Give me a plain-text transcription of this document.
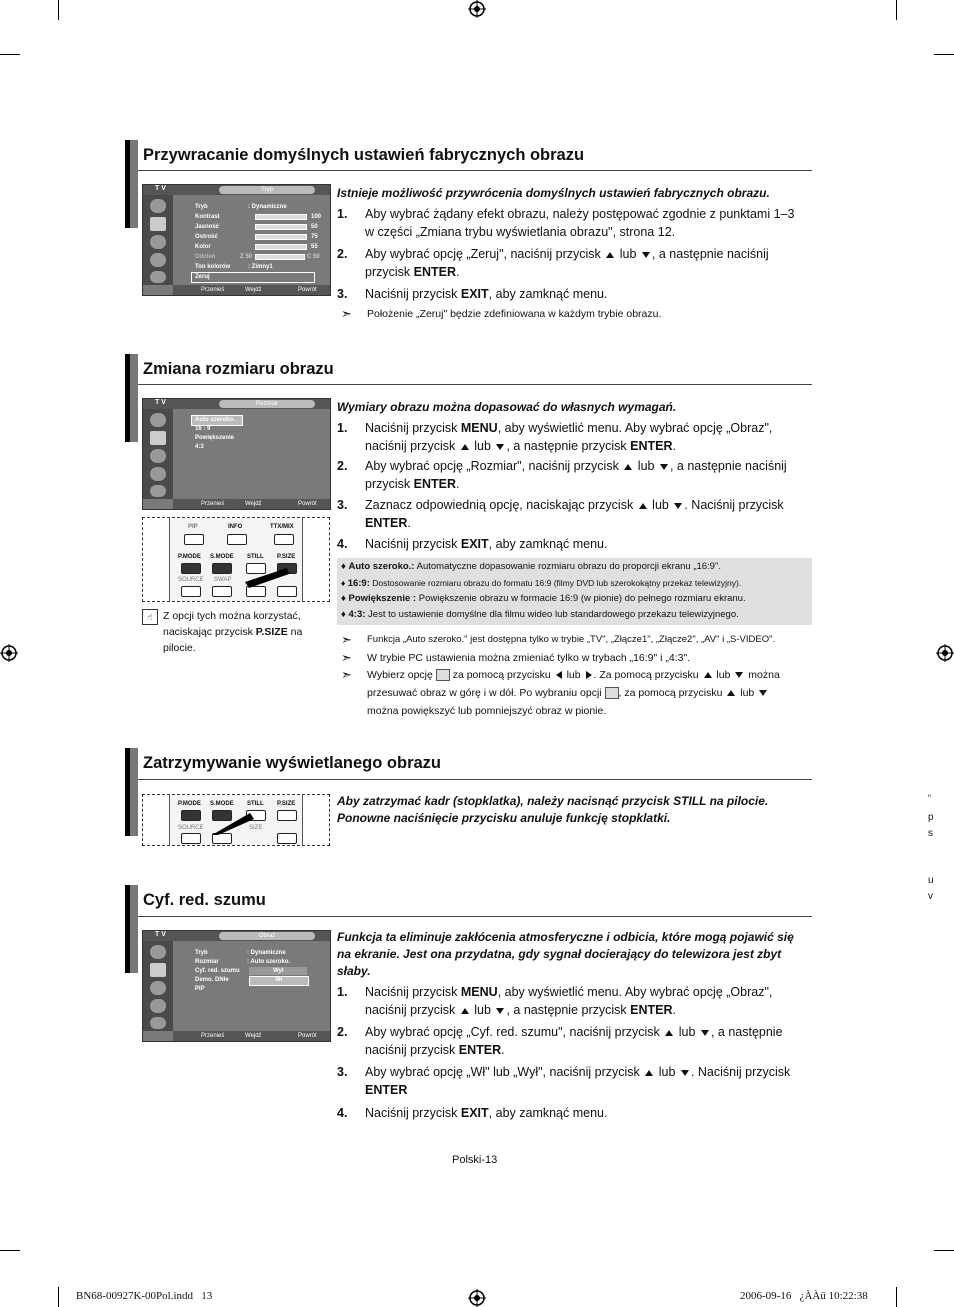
“
p
s
u
v
Przywracanie domyślnych ustawień fabrycznych obrazu
T V	Tryb
Tryb	: Dynamiczne
Kontrast	100
Jasność	50
Ostrość	75
Kolor	55
Odcień	Z 50	C 50
Ton kolorów	: Zimny1
Zeruj
Przenieś	Wejdź	Powrót
Istnieje możliwość przywrócenia domyślnych ustawień fabrycznych obrazu.
1. Aby wybrać żądany efekt obrazu, należy postępować zgodnie z punktami 1–3 w części „Zmiana trybu wyświetlania obrazu", strona 12.
2. Aby wybrać opcję „Zeruj", naciśnij przycisk lub , a następnie naciśnij przycisk ENTER.
3. Naciśnij przycisk EXIT, aby zamknąć menu.
➣ Położenie „Zeruj" będzie zdefiniowana w każdym trybie obrazu.
Zmiana rozmiaru obrazu
T V	Rozmiar
Auto szeroko.
16 : 9
Powiększenie
4:3
Przenieś	Wejdź	Powrót
PIP	INFO	TTX/MIX
P.MODE S.MODE STILL P.SIZE
SOURCE SWAP
☝ Z opcji tych można korzystać, naciskając przycisk P.SIZE na pilocie.
Wymiary obrazu można dopasować do własnych wymagań.
1. Naciśnij przycisk MENU, aby wyświetlić menu. Aby wybrać opcję „Obraz", naciśnij przycisk lub , a następnie przycisk ENTER.
2. Aby wybrać opcję „Rozmiar", naciśnij przycisk lub , a następnie naciśnij przycisk ENTER.
3. Zaznacz odpowiednią opcję, naciskając przycisk lub . Naciśnij przycisk ENTER.
4. Naciśnij przycisk EXIT, aby zamknąć menu.
♦ Auto szeroko.: Automatyczne dopasowanie rozmiaru obrazu do proporcji ekranu „16:9".
♦ 16:9: Dostosowanie rozmiaru obrazu do formatu 16:9 (filmy DVD lub szerokokątny przekaz telewizyjny).
♦ Powiększenie : Powiększenie obrazu w formacie 16:9 (w pionie) do pełnego rozmiaru ekranu.
♦ 4:3: Jest to ustawienie domyślne dla filmu wideo lub standardowego przekazu telewizyjnego.
➣ Funkcja „Auto szeroko." jest dostępna tylko w trybie „TV", „Złącze1", „Złącze2", „AV" i „S-VIDEO".
➣ W trybie PC ustawienia można zmieniać tylko w trybach „16:9" i „4:3".
➣ Wybierz opcję za pomocą przycisku lub . Za pomocą przycisku lub można przesuwać obraz w górę i w dół. Po wybraniu opcji , za pomocą przycisku lub  można powiększyć lub pomniejszyć obraz w pionie.
Zatrzymywanie wyświetlanego obrazu
P.MODE S.MODE STILL P.SIZE
SOURCE	SIZE
Aby zatrzymać kadr (stopklatka), należy nacisnąć przycisk STILL na pilocie. Ponowne naciśnięcie przycisku anuluje funkcję stopklatki.
Cyf. red. szumu
T V	Obraz
Tryb	: Dynamiczne
Rozmiar	: Auto szeroko.
Cyf. red. szumu	Wył
Demo. DNIe	Wł
PIP
Przenieś	Wejdź	Powrót
Funkcja ta eliminuje zakłócenia atmosferyczne i odbicia, które mogą pojawić się na ekranie. Jest ona przydatna, gdy sygnał docierający do telewizora jest zbyt słaby.
1. Naciśnij przycisk MENU, aby wyświetlić menu. Aby wybrać opcję „Obraz", naciśnij przycisk lub , a następnie przycisk ENTER.
2. Aby wybrać opcję „Cyf. red. szumu", naciśnij przycisk lub , a następnie naciśnij przycisk ENTER.
3. Aby wybrać opcję „Wł" lub „Wył", naciśnij przycisk lub . Naciśnij przycisk ENTER
4. Naciśnij przycisk EXIT, aby zamknąć menu.
Polski-13
BN68-00927K-00Pol.indd   13	2006-09-16   ¿ÀÀü 10:22:38
